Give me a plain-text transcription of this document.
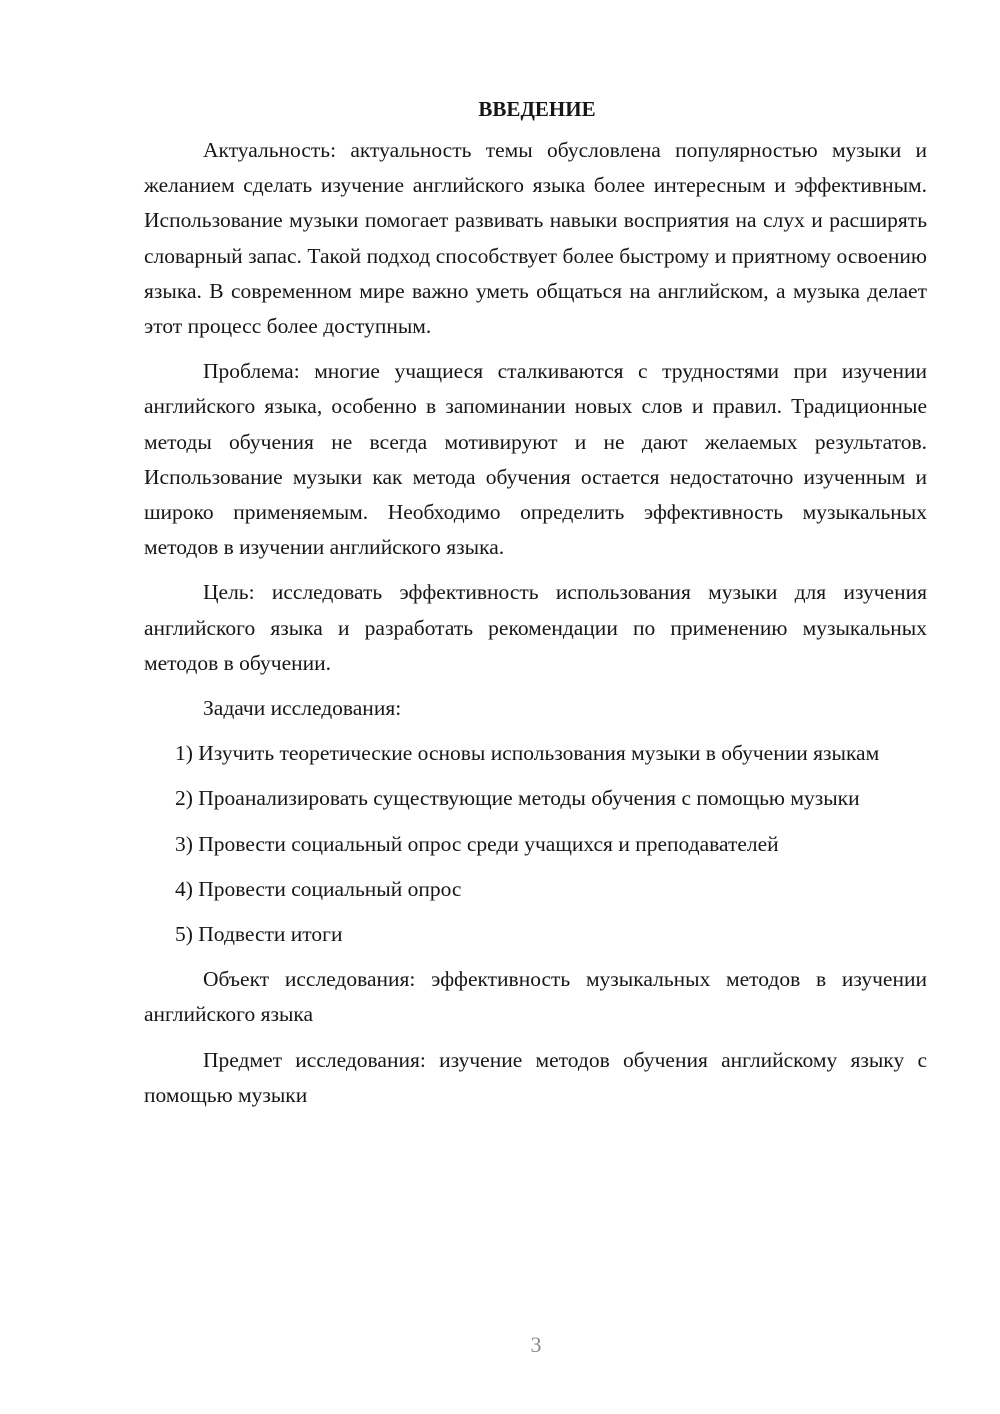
ВВЕДЕНИЕ

Актуальность: актуальность темы обусловлена популярностью музыки и желанием сделать изучение английского языка более интересным и эффективным. Использование музыки помогает развивать навыки восприятия на слух и расширять словарный запас. Такой подход способствует более быстрому и приятному освоению языка. В современном мире важно уметь общаться на английском, а музыка делает этот процесс более доступным.

Проблема: многие учащиеся сталкиваются с трудностями при изучении английского языка, особенно в запоминании новых слов и правил. Традиционные методы обучения не всегда мотивируют и не дают желаемых результатов. Использование музыки как метода обучения остается недостаточно изученным и широко применяемым. Необходимо определить эффективность музыкальных методов в изучении английского языка.

Цель: исследовать эффективность использования музыки для изучения английского языка и разработать рекомендации по применению музыкальных методов в обучении.

Задачи исследования:

1) Изучить теоретические основы использования музыки в обучении языкам

2) Проанализировать существующие методы обучения с помощью музыки

3) Провести социальный опрос среди учащихся и преподавателей

4) Провести социальный опрос

5) Подвести итоги

Объект исследования: эффективность музыкальных методов в изучении английского языка

Предмет исследования: изучение методов обучения английскому языку с помощью музыки

3
